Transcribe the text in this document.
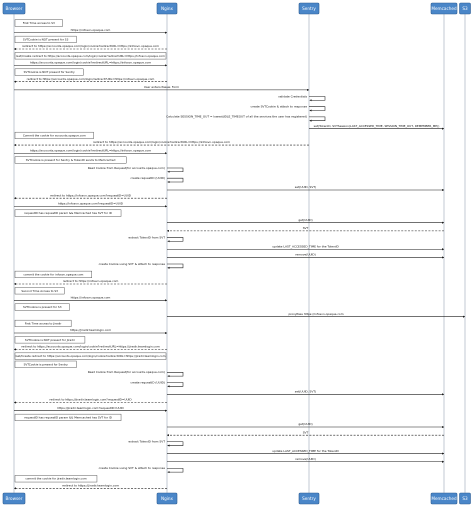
First Time access to S3
https://infosvn.opaque.com
SVTCookie is NOT present for S3
redirect to https://accounts.opaque.com/login/cookie?redirectURL=https://infosvn.opaque.com
Get/Create redirect to https://accounts.opaque.com/login/cookie?redirectURL=https://infosvn.opaque.com
https://accounts.opaque.com/login/cookie?redirectURL=https://infosvn.opaque.com
SVTCookie is NOT present for Sentry
redirect to https://accounts.opaque.com/login/redirect?URL=https://infosvn.opaque.com
User enters Passw. Form
validate Credentials
create SVTCookie & attach to response
Calculate SESSION_TIME_OUT = lowest(IDLE_TIMEOUT of all the services the user has registered)
set(TokenID, SVTSession(LAST_ACCESSED_TIME, SESSION_TIME_OUT, REMEMBER_ME))
Commit the cookie for accounts.opaque.com
redirect to https://accounts.opaque.com/login/cookie?redirectURL=https://infosvn.opaque.com
https://accounts.opaque.com/login/cookie?redirectURL=https://infosvn.opaque.com
SVTCookie is present for Sentry & TokenID sends to Memcached
Read Cookie from Request(for accounts.opaque.com)
create requestID (UUID)
set(UUID, SVT)
redirect to https://infosvn.opaque.com?requestID=UUID
https://infosvn.opaque.com?requestID=UUID
requestID has requestID param && Memcached has SVT for ID
get(UUID)
SVT
extract TokenID from SVT
update LAST_ACCESSED_TIME for the TokenID
remove(UUID)
create Cookie using SVT & attach to response
commit the cookie for infosvn.opaque.com
redirect to https://infosvn.opaque.com
Second Time Access to S3
https://infosvn.opaque.com
SVTCookie is present for S3
proxyPass https://infosvn.opaque.com
First Time access to Jiradir
https://jiradir.teamlogin.com
SVTCookie is NOT present for Jiradir
redirect to https://accounts.opaque.com/login/cookie?redirectURL=https://jiradir.teamlogin.com
Get/Create redirect to https://accounts.opaque.com/login/cookie?redirectURL=https://jiradir.teamlogin.com
SVTCookie is present for Sentry
Read Cookie from Request(for accounts.opaque.com)
create requestID (UUID)
set(UUID, SVT)
redirect to https://jiradir.teamlogin.com?requestID=UUID
https://jiradir.teamlogin.com?requestID=UUID
requestID has requestID param && Memcached has SVT for ID
get(UUID)
SVT
extract TokenID from SVT
update LAST_ACCESSED_TIME for the TokenID
remove(UUID)
create Cookie using SVT & attach to response
commit the cookie for jiradir.teamlogin.com
redirect to https://jiradir.teamlogin.com
Browser	Nginx	Sentry	Memcached S3
Browser	Nginx	Sentry	Memcached S3
